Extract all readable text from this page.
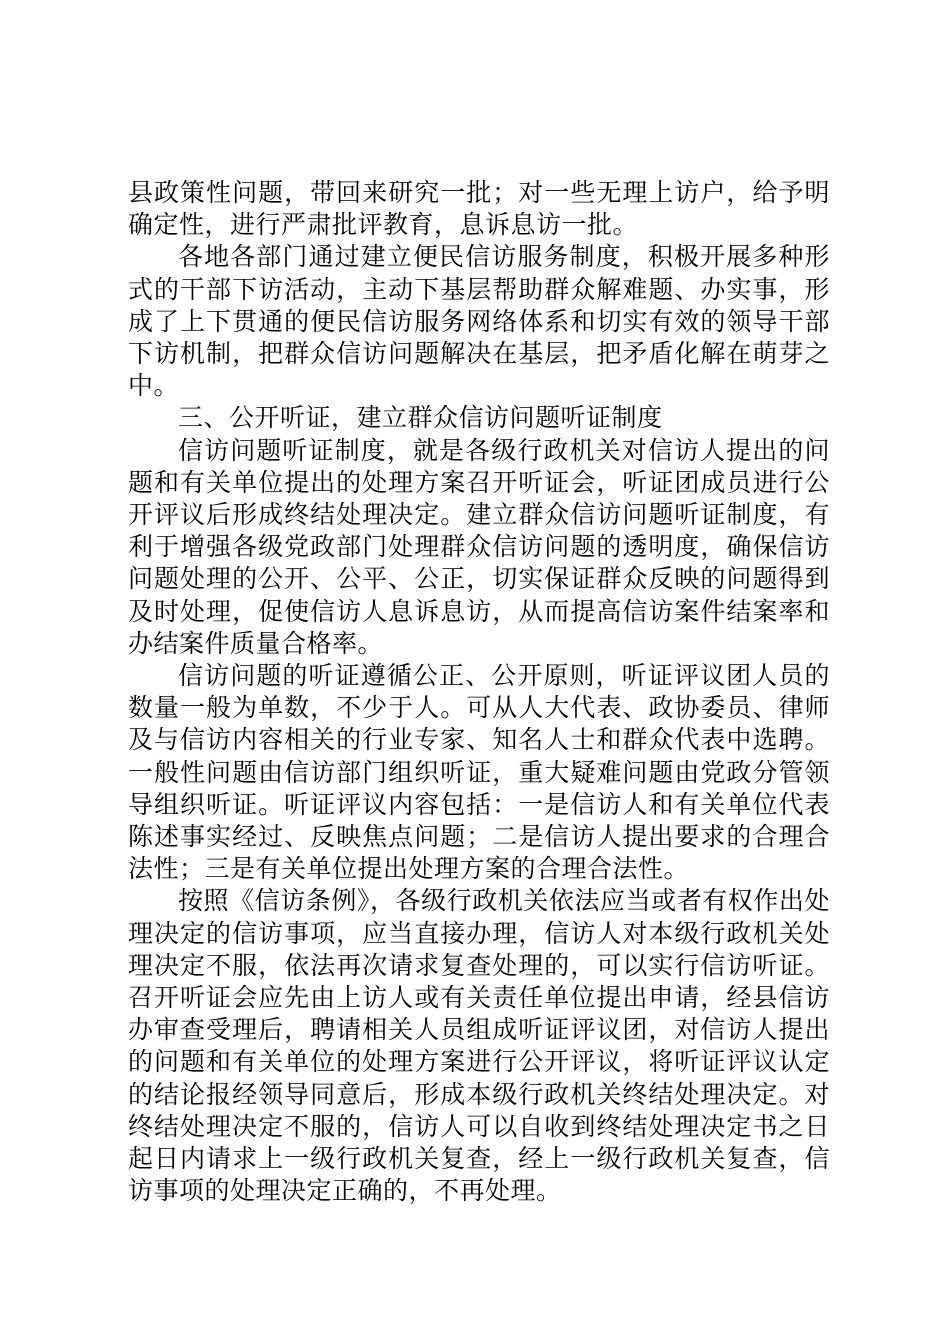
县政策性问题，带回来研究一批；对一些无理上访户，给予明确定性，进行严肃批评教育，息诉息访一批。

各地各部门通过建立便民信访服务制度，积极开展多种形式的干部下访活动，主动下基层帮助群众解难题、办实事，形成了上下贯通的便民信访服务网络体系和切实有效的领导干部下访机制，把群众信访问题解决在基层，把矛盾化解在萌芽之中。

三、公开听证，建立群众信访问题听证制度

信访问题听证制度，就是各级行政机关对信访人提出的问题和有关单位提出的处理方案召开听证会，听证团成员进行公开评议后形成终结处理决定。建立群众信访问题听证制度，有利于增强各级党政部门处理群众信访问题的透明度，确保信访问题处理的公开、公平、公正，切实保证群众反映的问题得到及时处理，促使信访人息诉息访，从而提高信访案件结案率和办结案件质量合格率。

信访问题的听证遵循公正、公开原则，听证评议团人员的数量一般为单数，不少于人。可从人大代表、政协委员、律师及与信访内容相关的行业专家、知名人士和群众代表中选聘。一般性问题由信访部门组织听证，重大疑难问题由党政分管领导组织听证。听证评议内容包括：一是信访人和有关单位代表陈述事实经过、反映焦点问题；二是信访人提出要求的合理合法性；三是有关单位提出处理方案的合理合法性。

按照《信访条例》，各级行政机关依法应当或者有权作出处理决定的信访事项，应当直接办理，信访人对本级行政机关处理决定不服，依法再次请求复查处理的，可以实行信访听证。召开听证会应先由上访人或有关责任单位提出申请，经县信访办审查受理后，聘请相关人员组成听证评议团，对信访人提出的问题和有关单位的处理方案进行公开评议，将听证评议认定的结论报经领导同意后，形成本级行政机关终结处理决定。对终结处理决定不服的，信访人可以自收到终结处理决定书之日起日内请求上一级行政机关复查，经上一级行政机关复查，信访事项的处理决定正确的，不再处理。
